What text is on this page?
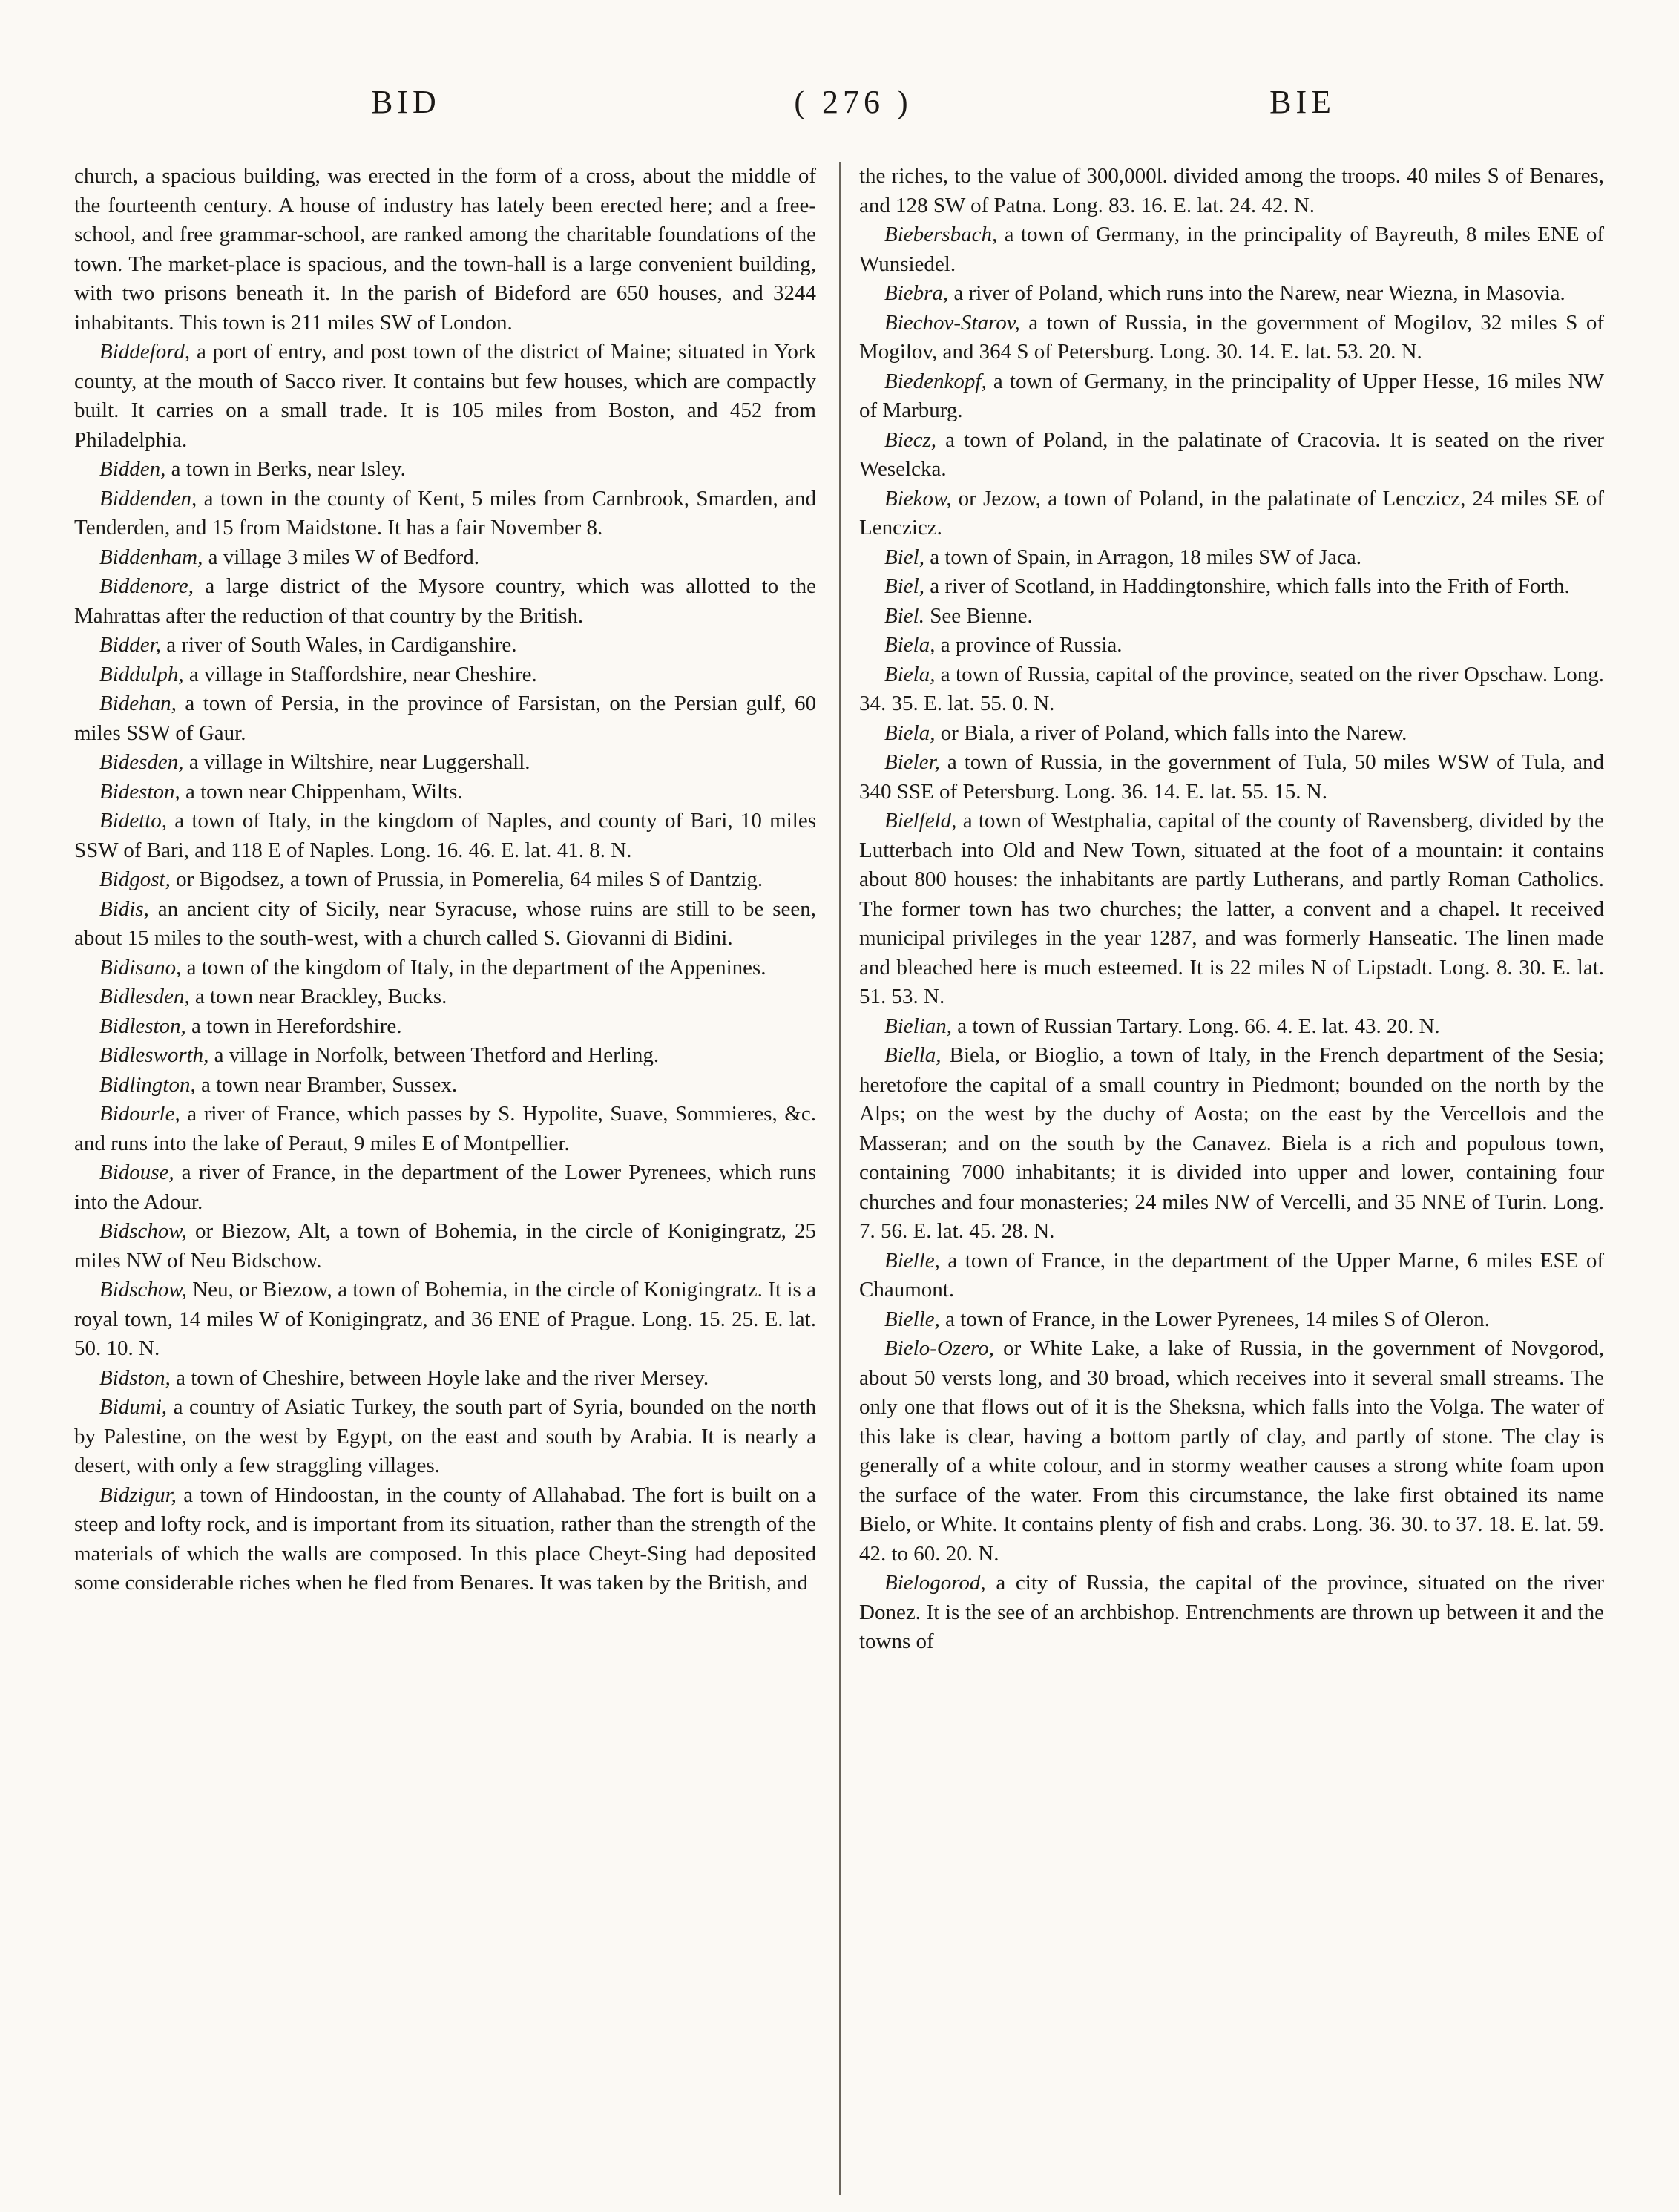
BID	( 276 )	BIE

church, a spacious building, was erected in the form of a cross, about the middle of the fourteenth century. A house of industry has lately been erected here; and a free-school, and free grammar-school, are ranked among the charitable foundations of the town. The market-place is spacious, and the town-hall is a large convenient building, with two prisons beneath it. In the parish of Bideford are 650 houses, and 3244 inhabitants. This town is 211 miles SW of London.

Biddeford, a port of entry, and post town of the district of Maine; situated in York county, at the mouth of Sacco river. It contains but few houses, which are compactly built. It carries on a small trade. It is 105 miles from Boston, and 452 from Philadelphia.

Bidden, a town in Berks, near Isley.

Biddenden, a town in the county of Kent, 5 miles from Carnbrook, Smarden, and Tenderden, and 15 from Maidstone. It has a fair November 8.

Biddenham, a village 3 miles W of Bedford.

Biddenore, a large district of the Mysore country, which was allotted to the Mahrattas after the reduction of that country by the British.

Bidder, a river of South Wales, in Cardiganshire.

Biddulph, a village in Staffordshire, near Cheshire.

Bidehan, a town of Persia, in the province of Farsistan, on the Persian gulf, 60 miles SSW of Gaur.

Bidesden, a village in Wiltshire, near Luggershall.

Bideston, a town near Chippenham, Wilts.

Bidetto, a town of Italy, in the kingdom of Naples, and county of Bari, 10 miles SSW of Bari, and 118 E of Naples. Long. 16. 46. E. lat. 41. 8. N.

Bidgost, or Bigodsez, a town of Prussia, in Pomerelia, 64 miles S of Dantzig.

Bidis, an ancient city of Sicily, near Syracuse, whose ruins are still to be seen, about 15 miles to the south-west, with a church called S. Giovanni di Bidini.

Bidisano, a town of the kingdom of Italy, in the department of the Appenines.

Bidlesden, a town near Brackley, Bucks.

Bidleston, a town in Herefordshire.

Bidlesworth, a village in Norfolk, between Thetford and Herling.

Bidlington, a town near Bramber, Sussex.

Bidourle, a river of France, which passes by S. Hypolite, Suave, Sommieres, &c. and runs into the lake of Peraut, 9 miles E of Montpellier.

Bidouse, a river of France, in the department of the Lower Pyrenees, which runs into the Adour.

Bidschow, or Biezow, Alt, a town of Bohemia, in the circle of Konigingratz, 25 miles NW of Neu Bidschow.

Bidschow, Neu, or Biezow, a town of Bohemia, in the circle of Konigingratz. It is a royal town, 14 miles W of Konigingratz, and 36 ENE of Prague. Long. 15. 25. E. lat. 50. 10. N.

Bidston, a town of Cheshire, between Hoyle lake and the river Mersey.

Bidumi, a country of Asiatic Turkey, the south part of Syria, bounded on the north by Palestine, on the west by Egypt, on the east and south by Arabia. It is nearly a desert, with only a few straggling villages.

Bidzigur, a town of Hindoostan, in the county of Allahabad. The fort is built on a steep and lofty rock, and is important from its situation, rather than the strength of the materials of which the walls are composed. In this place Cheyt-Sing had deposited some considerable riches when he fled from Benares. It was taken by the British, and

the riches, to the value of 300,000l. divided among the troops. 40 miles S of Benares, and 128 SW of Patna. Long. 83. 16. E. lat. 24. 42. N.

Biebersbach, a town of Germany, in the principality of Bayreuth, 8 miles ENE of Wunsiedel.

Biebra, a river of Poland, which runs into the Narew, near Wiezna, in Masovia.

Biechov-Starov, a town of Russia, in the government of Mogilov, 32 miles S of Mogilov, and 364 S of Petersburg. Long. 30. 14. E. lat. 53. 20. N.

Biedenkopf, a town of Germany, in the principality of Upper Hesse, 16 miles NW of Marburg.

Biecz, a town of Poland, in the palatinate of Cracovia. It is seated on the river Weselcka.

Biekow, or Jezow, a town of Poland, in the palatinate of Lenczicz, 24 miles SE of Lenczicz.

Biel, a town of Spain, in Arragon, 18 miles SW of Jaca.

Biel, a river of Scotland, in Haddingtonshire, which falls into the Frith of Forth.

Biel. See Bienne.

Biela, a province of Russia.

Biela, a town of Russia, capital of the province, seated on the river Opschaw. Long. 34. 35. E. lat. 55. 0. N.

Biela, or Biala, a river of Poland, which falls into the Narew.

Bieler, a town of Russia, in the government of Tula, 50 miles WSW of Tula, and 340 SSE of Petersburg. Long. 36. 14. E. lat. 55. 15. N.

Bielfeld, a town of Westphalia, capital of the county of Ravensberg, divided by the Lutterbach into Old and New Town, situated at the foot of a mountain: it contains about 800 houses: the inhabitants are partly Lutherans, and partly Roman Catholics. The former town has two churches; the latter, a convent and a chapel. It received municipal privileges in the year 1287, and was formerly Hanseatic. The linen made and bleached here is much esteemed. It is 22 miles N of Lipstadt. Long. 8. 30. E. lat. 51. 53. N.

Bielian, a town of Russian Tartary. Long. 66. 4. E. lat. 43. 20. N.

Biella, Biela, or Bioglio, a town of Italy, in the French department of the Sesia; heretofore the capital of a small country in Piedmont; bounded on the north by the Alps; on the west by the duchy of Aosta; on the east by the Vercellois and the Masseran; and on the south by the Canavez. Biela is a rich and populous town, containing 7000 inhabitants; it is divided into upper and lower, containing four churches and four monasteries; 24 miles NW of Vercelli, and 35 NNE of Turin. Long. 7. 56. E. lat. 45. 28. N.

Bielle, a town of France, in the department of the Upper Marne, 6 miles ESE of Chaumont.

Bielle, a town of France, in the Lower Pyrenees, 14 miles S of Oleron.

Bielo-Ozero, or White Lake, a lake of Russia, in the government of Novgorod, about 50 versts long, and 30 broad, which receives into it several small streams. The only one that flows out of it is the Sheksna, which falls into the Volga. The water of this lake is clear, having a bottom partly of clay, and partly of stone. The clay is generally of a white colour, and in stormy weather causes a strong white foam upon the surface of the water. From this circumstance, the lake first obtained its name Bielo, or White. It contains plenty of fish and crabs. Long. 36. 30. to 37. 18. E. lat. 59. 42. to 60. 20. N.

Bielogorod, a city of Russia, the capital of the province, situated on the river Donez. It is the see of an archbishop. Entrenchments are thrown up between it and the towns of
